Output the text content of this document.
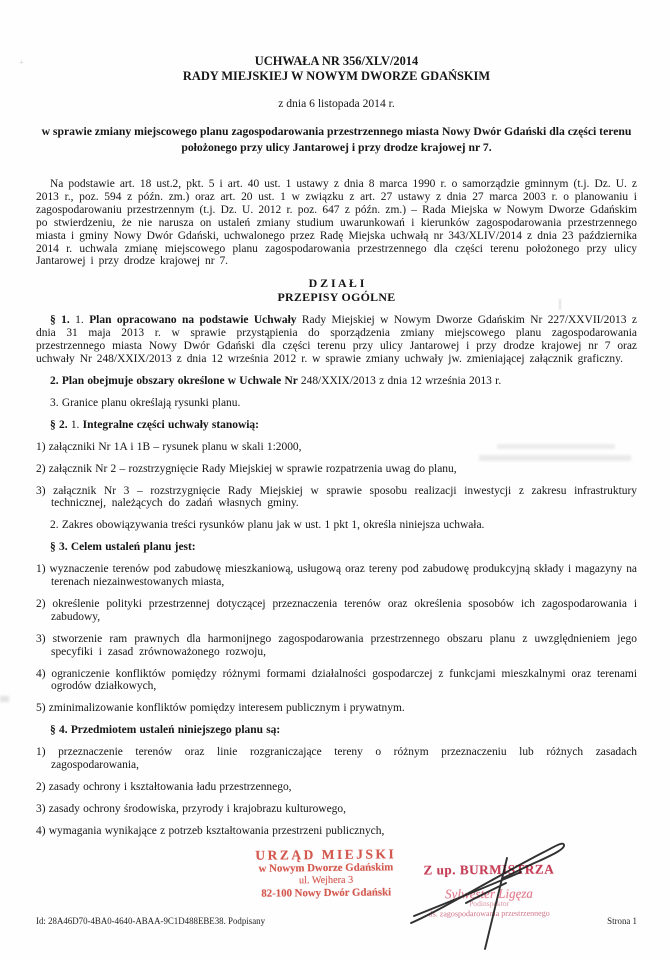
+	UCHWAŁA NR 356/XLV/2014

RADY MIEJSKIEJ W NOWYM DWORZE GDAŃSKIM

z dnia 6 listopada 2014 r.

w sprawie zmiany miejscowego planu zagospodarowania przestrzennego miasta Nowy Dwór Gdański dla części terenu położonego przy ulicy Jantarowej i przy drodze krajowej nr 7.

Na podstawie art. 18 ust.2, pkt. 5 i art. 40 ust. 1 ustawy z dnia 8 marca 1990 r. o samorządzie gminnym (t.j. Dz. U. z 2013 r., poz. 594 z późn. zm.) oraz art. 20 ust. 1 w związku z art. 27 ustawy z dnia 27 marca 2003 r. o planowaniu i zagospodarowaniu przestrzennym (t.j. Dz. U. 2012 r. poz. 647 z późn. zm.) – Rada Miejska w Nowym Dworze Gdańskim po stwierdzeniu, że nie narusza on ustaleń zmiany studium uwarunkowań i kierunków zagospodarowania przestrzennego miasta i gminy Nowy Dwór Gdański, uchwalonego przez Radę Miejska uchwałą nr 343/XLIV/2014 z dnia 23 października 2014 r. uchwala zmianę miejscowego planu zagospodarowania przestrzennego dla części terenu położonego przy ulicy Jantarowej i przy drodze krajowej nr 7.

D Z I A Ł I

PRZEPISY OGÓLNE

§ 1. 1. Plan opracowano na podstawie Uchwały Rady Miejskiej w Nowym Dworze Gdańskim Nr 227/XXVII/2013 z dnia 31 maja 2013 r. w sprawie przystąpienia do sporządzenia zmiany miejscowego planu zagospodarowania przestrzennego miasta Nowy Dwór Gdański dla części terenu przy ulicy Jantarowej i przy drodze krajowej nr 7 oraz uchwały Nr 248/XXIX/2013 z dnia 12 września 2012 r. w sprawie zmiany uchwały jw. zmieniającej załącznik graficzny.

2. Plan obejmuje obszary określone w Uchwale Nr 248/XXIX/2013 z dnia 12 września 2013 r.

3. Granice planu określają rysunki planu.

§ 2. 1. Integralne części uchwały stanowią:

1) załączniki Nr 1A i 1B – rysunek planu w skali 1:2000,

2) załącznik Nr 2 – rozstrzygnięcie Rady Miejskiej w sprawie rozpatrzenia uwag do planu,

3) załącznik Nr 3 – rozstrzygnięcie Rady Miejskiej w sprawie sposobu realizacji inwestycji z zakresu infrastruktury technicznej, należących do zadań własnych gminy.

2. Zakres obowiązywania treści rysunków planu jak w ust. 1 pkt 1, określa niniejsza uchwała.

§ 3. Celem ustaleń planu jest:

1) wyznaczenie terenów pod zabudowę mieszkaniową, usługową oraz tereny pod zabudowę produkcyjną składy i magazyny na terenach niezainwestowanych miasta,

2) określenie polityki przestrzennej dotyczącej przeznaczenia terenów oraz określenia sposobów ich zagospodarowania i zabudowy,

3) stworzenie ram prawnych dla harmonijnego zagospodarowania przestrzennego obszaru planu z uwzględnieniem jego specyfiki i zasad zrównoważonego rozwoju,

4) ograniczenie konfliktów pomiędzy różnymi formami działalności gospodarczej z funkcjami mieszkalnymi oraz terenami ogrodów działkowych,

5) zminimalizowanie konfliktów pomiędzy interesem publicznym i prywatnym.

§ 4. Przedmiotem ustaleń niniejszego planu są:

1) przeznaczenie terenów oraz linie rozgraniczające tereny o różnym przeznaczeniu lub różnych zasadach zagospodarowania,

2) zasady ochrony i kształtowania ładu przestrzennego,

3) zasady ochrony środowiska, przyrody i krajobrazu kulturowego,

4) wymagania wynikające z potrzeb kształtowania przestrzeni publicznych,

URZĄD MIEJSKI
w Nowym Dworze Gdańskim
ul. Wejhera 3
82-100 Nowy Dwór Gdański
Z up. BURMISTRZA
Sylwester Ligęza
Podinspektor
ds. zagospodarowania przestrzennego
Id: 28A46D70-4BA0-4640-ABAA-9C1D488EBE38. Podpisany	Strona 1
